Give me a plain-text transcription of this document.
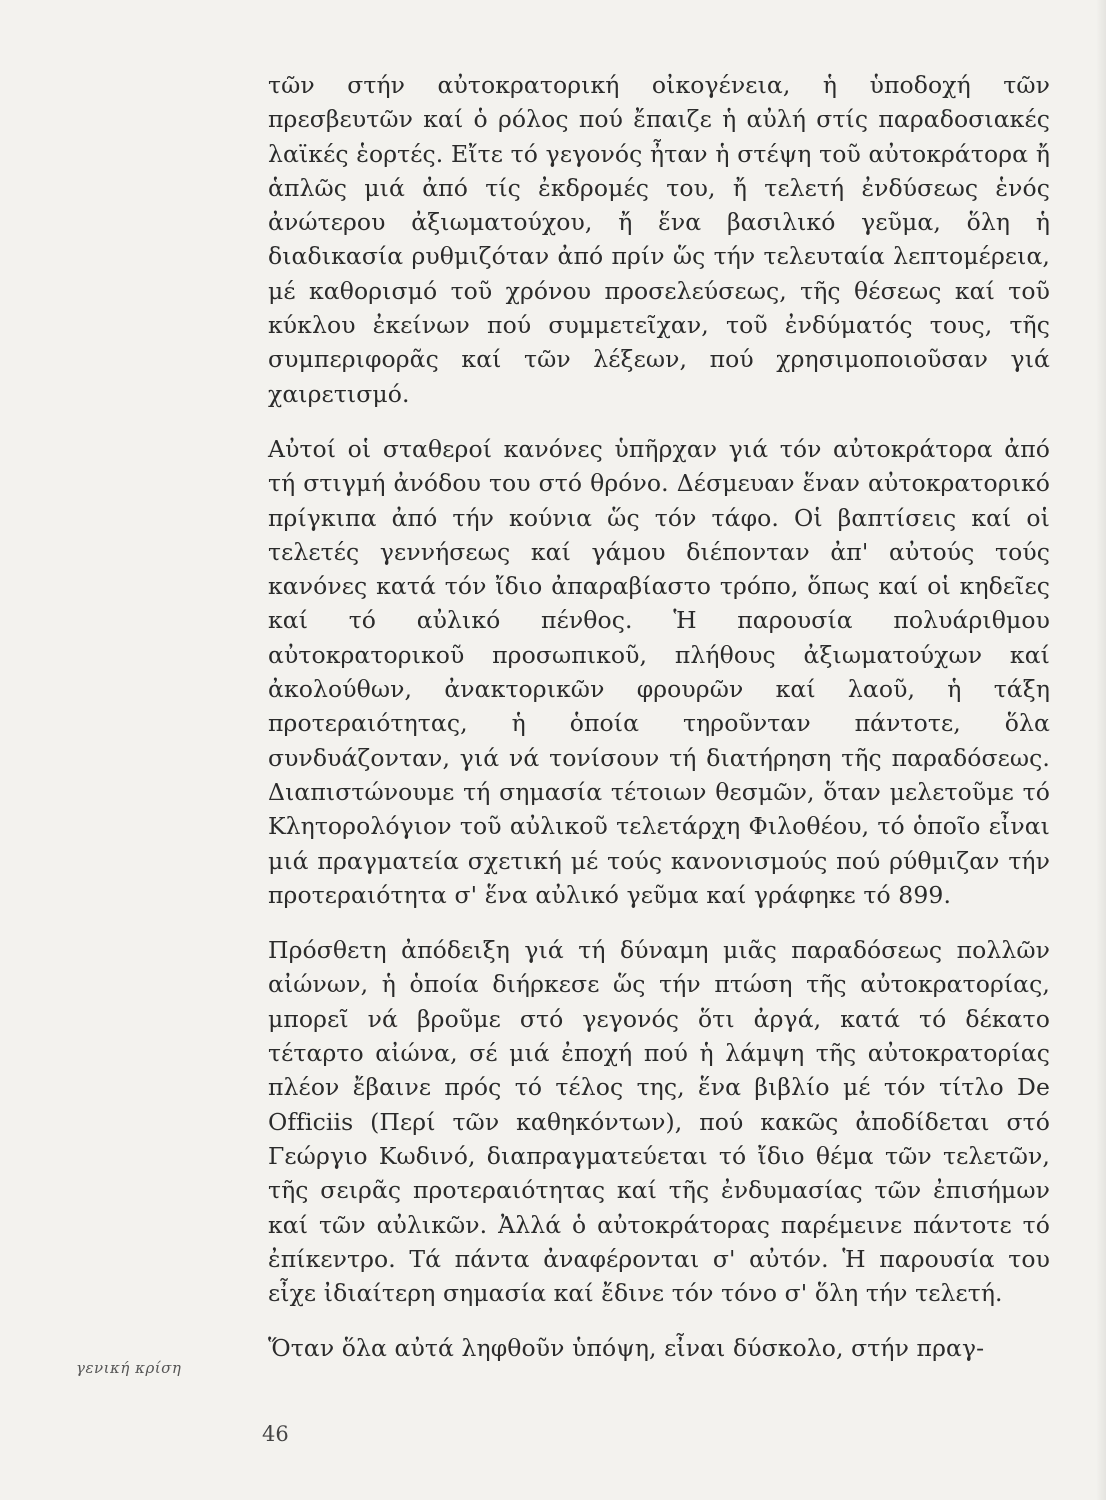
τῶν στήν αὐτοκρατορική οἰκογένεια, ἡ ὑποδοχή τῶν πρεσβευτῶν καί ὁ ρόλος πού ἔπαιζε ἡ αὐλή στίς παραδοσιακές λαϊκές ἑορτές. Εἴτε τό γεγονός ἦταν ἡ στέψη τοῦ αὐτοκράτορα ἤ ἁπλῶς μιά ἀπό τίς ἐκδρομές του, ἤ τελετή ἐνδύσεως ἑνός ἀνώτερου ἀξιωματούχου, ἤ ἕνα βασιλικό γεῦμα, ὅλη ἡ διαδικασία ρυθμιζόταν ἀπό πρίν ὥς τήν τελευταία λεπτομέρεια, μέ καθορισμό τοῦ χρόνου προσελεύσεως, τῆς θέσεως καί τοῦ κύκλου ἐκείνων πού συμμετεῖχαν, τοῦ ἐνδύματός τους, τῆς συμπεριφορᾶς καί τῶν λέξεων, πού χρησιμοποιοῦσαν γιά χαιρετισμό.

Αὐτοί οἱ σταθεροί κανόνες ὑπῆρχαν γιά τόν αὐτοκράτορα ἀπό τή στιγμή ἀνόδου του στό θρόνο. Δέσμευαν ἕναν αὐτοκρατορικό πρίγκιπα ἀπό τήν κούνια ὥς τόν τάφο. Οἱ βαπτίσεις καί οἱ τελετές γεννήσεως καί γάμου διέπονταν ἀπ' αὐτούς τούς κανόνες κατά τόν ἴδιο ἀπαραβίαστο τρόπο, ὅπως καί οἱ κηδεῖες καί τό αὐλικό πένθος. Ἡ παρουσία πολυάριθμου αὐτοκρατορικοῦ προσωπικοῦ, πλήθους ἀξιωματούχων καί ἀκολούθων, ἀνακτορικῶν φρουρῶν καί λαοῦ, ἡ τάξη προτεραιότητας, ἡ ὁποία τηροῦνταν πάντοτε, ὅλα συνδυάζονταν, γιά νά τονίσουν τή διατήρηση τῆς παραδόσεως. Διαπιστώνουμε τή σημασία τέτοιων θεσμῶν, ὅταν μελετοῦμε τό Κλητορολόγιον τοῦ αὐλικοῦ τελετάρχη Φιλοθέου, τό ὁποῖο εἶναι μιά πραγματεία σχετική μέ τούς κανονισμούς πού ρύθμιζαν τήν προτεραιότητα σ' ἕνα αὐλικό γεῦμα καί γράφηκε τό 899.

Πρόσθετη ἀπόδειξη γιά τή δύναμη μιᾶς παραδόσεως πολλῶν αἰώνων, ἡ ὁποία διήρκεσε ὥς τήν πτώση τῆς αὐτοκρατορίας, μπορεῖ νά βροῦμε στό γεγονός ὅτι ἀργά, κατά τό δέκατο τέταρτο αἰώνα, σέ μιά ἐποχή πού ἡ λάμψη τῆς αὐτοκρατορίας πλέον ἔβαινε πρός τό τέλος της, ἕνα βιβλίο μέ τόν τίτλο De Officiis (Περί τῶν καθηκόντων), πού κακῶς ἀποδίδεται στό Γεώργιο Κωδινό, διαπραγματεύεται τό ἴδιο θέμα τῶν τελετῶν, τῆς σειρᾶς προτεραιότητας καί τῆς ἐνδυμασίας τῶν ἐπισήμων καί τῶν αὐλικῶν. Ἀλλά ὁ αὐτοκράτορας παρέμεινε πάντοτε τό ἐπίκεντρο. Τά πάντα ἀναφέρονται σ' αὐτόν. Ἡ παρουσία του εἶχε ἰδιαίτερη σημασία καί ἔδινε τόν τόνο σ' ὅλη τήν τελετή.

Ὅταν ὅλα αὐτά ληφθοῦν ὑπόψη, εἶναι δύσκολο, στήν πραγ-

γενική κρίση
46
